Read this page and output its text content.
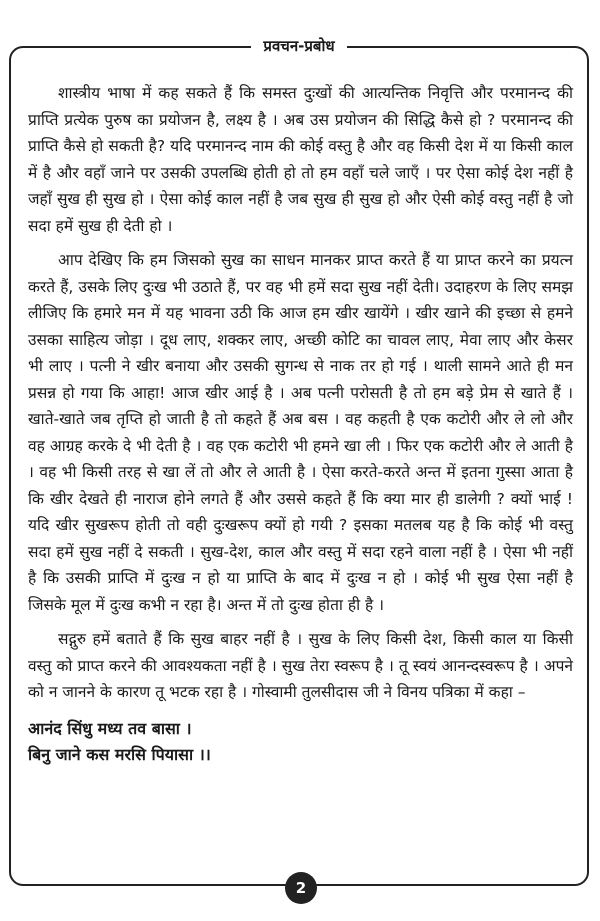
प्रवचन-प्रबोध

शास्त्रीय भाषा में कह सकते हैं कि समस्त दुःखों की आत्यन्तिक निवृत्ति और परमानन्द की प्राप्ति प्रत्येक पुरुष का प्रयोजन है, लक्ष्य है । अब उस प्रयोजन की सिद्धि कैसे हो ? परमानन्द की प्राप्ति कैसे हो सकती है? यदि परमानन्द नाम की कोई वस्तु है और वह किसी देश में या किसी काल में है और वहाँ जाने पर उसकी उपलब्धि होती हो तो हम वहाँ चले जाएँ । पर ऐसा कोई देश नहीं है जहाँ सुख ही सुख हो । ऐसा कोई काल नहीं है जब सुख ही सुख हो और ऐसी कोई वस्तु नहीं है जो सदा हमें सुख ही देती हो ।

आप देखिए कि हम जिसको सुख का साधन मानकर प्राप्त करते हैं या प्राप्त करने का प्रयत्न करते हैं, उसके लिए दुःख भी उठाते हैं, पर वह भी हमें सदा सुख नहीं देती। उदाहरण के लिए समझ लीजिए कि हमारे मन में यह भावना उठी कि आज हम खीर खायेंगे । खीर खाने की इच्छा से हमने उसका साहित्य जोड़ा । दूध लाए, शक्कर लाए, अच्छी कोटि का चावल लाए, मेवा लाए और केसर भी लाए । पत्नी ने खीर बनाया और उसकी सुगन्ध से नाक तर हो गई । थाली सामने आते ही मन प्रसन्न हो गया कि आहा! आज खीर आई है । अब पत्नी परोसती है तो हम बड़े प्रेम से खाते हैं । खाते-खाते जब तृप्ति हो जाती है तो कहते हैं अब बस । वह कहती है एक कटोरी और ले लो और वह आग्रह करके दे भी देती है । वह एक कटोरी भी हमने खा ली । फिर एक कटोरी और ले आती है । वह भी किसी तरह से खा लें तो और ले आती है । ऐसा करते-करते अन्त में इतना गुस्सा आता है कि खीर देखते ही नाराज होने लगते हैं और उससे कहते हैं कि क्या मार ही डालेगी ? क्यों भाई ! यदि खीर सुखरूप होती तो वही दुःखरूप क्यों हो गयी ? इसका मतलब यह है कि कोई भी वस्तु सदा हमें सुख नहीं दे सकती । सुख-देश, काल और वस्तु में सदा रहने वाला नहीं है । ऐसा भी नहीं है कि उसकी प्राप्ति में दुःख न हो या प्राप्ति के बाद में दुःख न हो । कोई भी सुख ऐसा नहीं है जिसके मूल में दुःख कभी न रहा है। अन्त में तो दुःख होता ही है ।

सद्गुरु हमें बताते हैं कि सुख बाहर नहीं है । सुख के लिए किसी देश, किसी काल या किसी वस्तु को प्राप्त करने की आवश्यकता नहीं है । सुख तेरा स्वरूप है । तू स्वयं आनन्दस्वरूप है । अपने को न जानने के कारण तू भटक रहा है । गोस्वामी तुलसीदास जी ने विनय पत्रिका में कहा –

आनंद सिंधु मध्य तव बासा ।
बिनु जाने कस मरसि पियासा ।।
2
